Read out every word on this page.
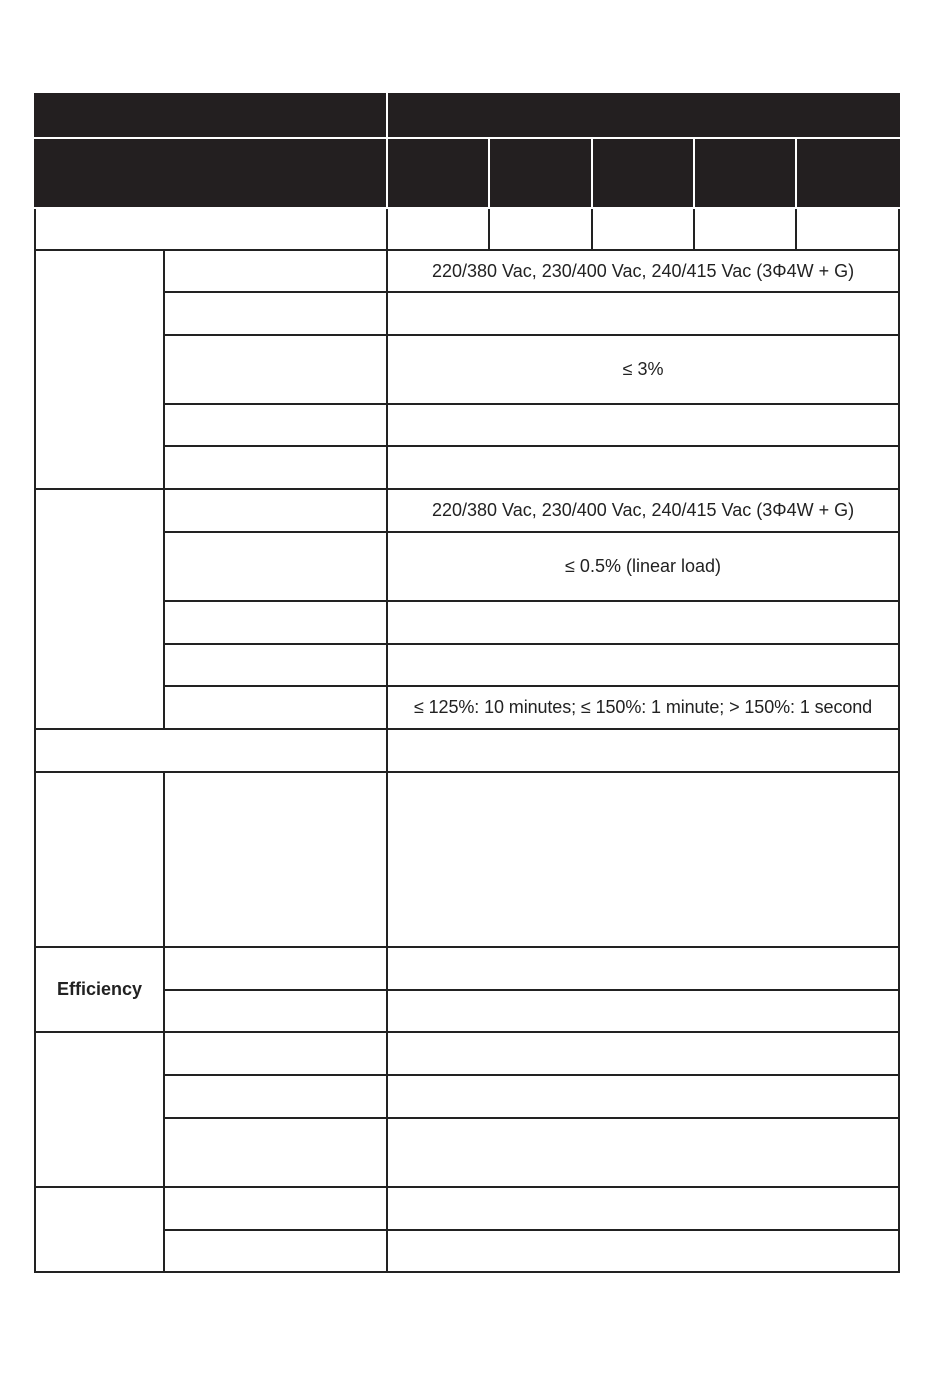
		220/380 Vac, 230/400 Vac, 240/415 Vac (3Φ4W + G)				

		≤ 3%				

		220/380 Vac, 230/400 Vac, 240/415 Vac (3Φ4W + G)				
		≤ 0.5% (linear load)				

		≤ 125%: 10 minutes; ≤ 150%: 1 minute; > 150%: 1 second				

Efficiency						
